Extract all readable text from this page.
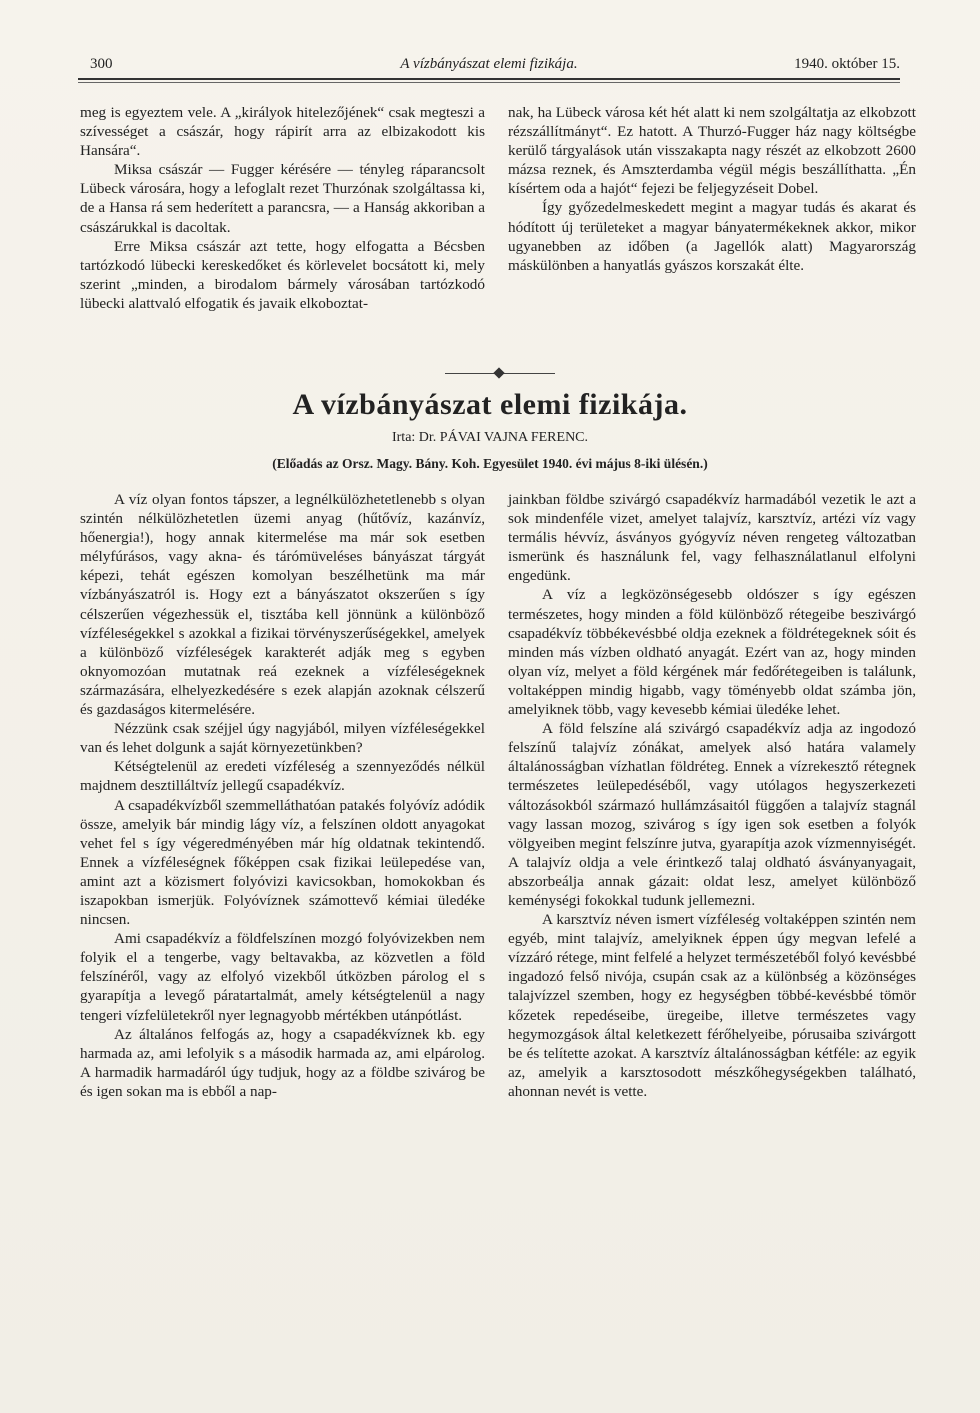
300	A vízbányászat elemi fizikája.	1940. október 15.

meg is egyeztem vele. A „királyok hitelezőjének“ csak megteszi a szívességet a császár, hogy rápirít arra az elbizakodott kis Hansára“.

Miksa császár — Fugger kérésére — tényleg ráparancsolt Lübeck városára, hogy a lefoglalt rezet Thurzónak szolgáltassa ki, de a Hansa rá sem hederített a parancsra, — a Hanság akkoriban a császárukkal is dacoltak.

Erre Miksa császár azt tette, hogy elfogatta a Bécsben tartózkodó lübecki kereskedőket és körlevelet bocsátott ki, mely szerint „minden, a birodalom bármely városában tartózkodó lübecki alattvaló elfogatik és javaik elkoboztat-

nak, ha Lübeck városa két hét alatt ki nem szolgáltatja az elkobzott rézszállítmányt“. Ez hatott. A Thurzó-Fugger ház nagy költségbe kerülő tárgyalások után visszakapta nagy részét az elkobzott 2600 mázsa reznek, és Amszterdamba végül mégis beszállíthatta. „Én kísértem oda a hajót“ fejezi be feljegyzéseit Dobel.

Így győzedelmeskedett megint a magyar tudás és akarat és hódított új területeket a magyar bányatermékeknek akkor, mikor ugyanebben az időben (a Jagellók alatt) Magyarország máskülönben a hanyatlás gyászos korszakát élte.

A vízbányászat elemi fizikája.
Irta: Dr. PÁVAI VAJNA FERENC.
(Előadás az Orsz. Magy. Bány. Koh. Egyesület 1940. évi május 8-iki ülésén.)

A víz olyan fontos tápszer, a legnélkülözhetetlenebb s olyan szintén nélkülözhetetlen üzemi anyag (hűtővíz, kazánvíz, hőenergia!), hogy annak kitermelése ma már sok esetben mélyfúrásos, vagy akna- és tárómüveléses bányászat tárgyát képezi, tehát egészen komolyan beszélhetünk ma már vízbányászatról is. Hogy ezt a bányászatot okszerűen s így célszerűen végezhessük el, tisztába kell jönnünk a különböző vízféleségekkel s azokkal a fizikai törvényszerűségekkel, amelyek a különböző vízféleségek karakterét adják meg s egyben oknyomozóan mutatnak reá ezeknek a vízféleségeknek származására, elhelyezkedésére s ezek alapján azoknak célszerű és gazdaságos kitermelésére.

Nézzünk csak széjjel úgy nagyjából, milyen vízféleségekkel van és lehet dolgunk a saját környezetünkben?

Kétségtelenül az eredeti vízféleség a szennyeződés nélkül majdnem desztilláltvíz jellegű csapadékvíz.

A csapadékvízből szemmelláthatóan patakés folyóvíz adódik össze, amelyik bár mindig lágy víz, a felszínen oldott anyagokat vehet fel s így végeredményében már híg oldatnak tekintendő. Ennek a vízféleségnek főképpen csak fizikai leülepedése van, amint azt a közismert folyóvizi kavicsokban, homokokban és iszapokban ismerjük. Folyóvíznek számottevő kémiai üledéke nincsen.

Ami csapadékvíz a földfelszínen mozgó folyóvizekben nem folyik el a tengerbe, vagy beltavakba, az közvetlen a föld felszínéről, vagy az elfolyó vizekből útközben párolog el s gyarapítja a levegő páratartalmát, amely kétségtelenül a nagy tengeri vízfelületekről nyer legnagyobb mértékben utánpótlást.

Az általános felfogás az, hogy a csapadékvíznek kb. egy harmada az, ami lefolyik s a második harmada az, ami elpárolog. A harmadik harmadáról úgy tudjuk, hogy az a földbe szivárog be és igen sokan ma is ebből a nap-

jainkban földbe szivárgó csapadékvíz harmadából vezetik le azt a sok mindenféle vizet, amelyet talajvíz, karsztvíz, artézi víz vagy termális hévvíz, ásványos gyógyvíz néven rengeteg változatban ismerünk és használunk fel, vagy felhasználatlanul elfolyni engedünk.

A víz a legközönségesebb oldószer s így egészen természetes, hogy minden a föld különböző rétegeibe beszivárgó csapadékvíz többékevésbbé oldja ezeknek a földrétegeknek sóit és minden más vízben oldható anyagát. Ezért van az, hogy minden olyan víz, melyet a föld kérgének már fedőrétegeiben is találunk, voltaképpen mindig higabb, vagy töményebb oldat számba jön, amelyiknek több, vagy kevesebb kémiai üledéke lehet.

A föld felszíne alá szivárgó csapadékvíz adja az ingodozó felszínű talajvíz zónákat, amelyek alsó határa valamely általánosságban vízhatlan földréteg. Ennek a vízrekesztő rétegnek természetes leülepedéséből, vagy utólagos hegyszerkezeti változásokból származó hullámzásaitól függően a talajvíz stagnál vagy lassan mozog, szivárog s így igen sok esetben a folyók völgyeiben megint felszínre jutva, gyarapítja azok vízmennyiségét. A talajvíz oldja a vele érintkező talaj oldható ásványanyagait, abszorbeálja annak gázait: oldat lesz, amelyet különböző keménységi fokokkal tudunk jellemezni.

A karsztvíz néven ismert vízféleség voltaképpen szintén nem egyéb, mint talajvíz, amelyiknek éppen úgy megvan lefelé a vízzáró rétege, mint felfelé a helyzet természetéből folyó kevésbbé ingadozó felső nivója, csupán csak az a különbség a közönséges talajvízzel szemben, hogy ez hegységben többé-kevésbbé tömör kőzetek repedéseibe, üregeibe, illetve természetes vagy hegymozgások által keletkezett férőhelyeibe, pórusaiba szivárgott be és telítette azokat. A karsztvíz általánosságban kétféle: az egyik az, amelyik a karsztosodott mészkőhegységekben található, ahonnan nevét is vette.
